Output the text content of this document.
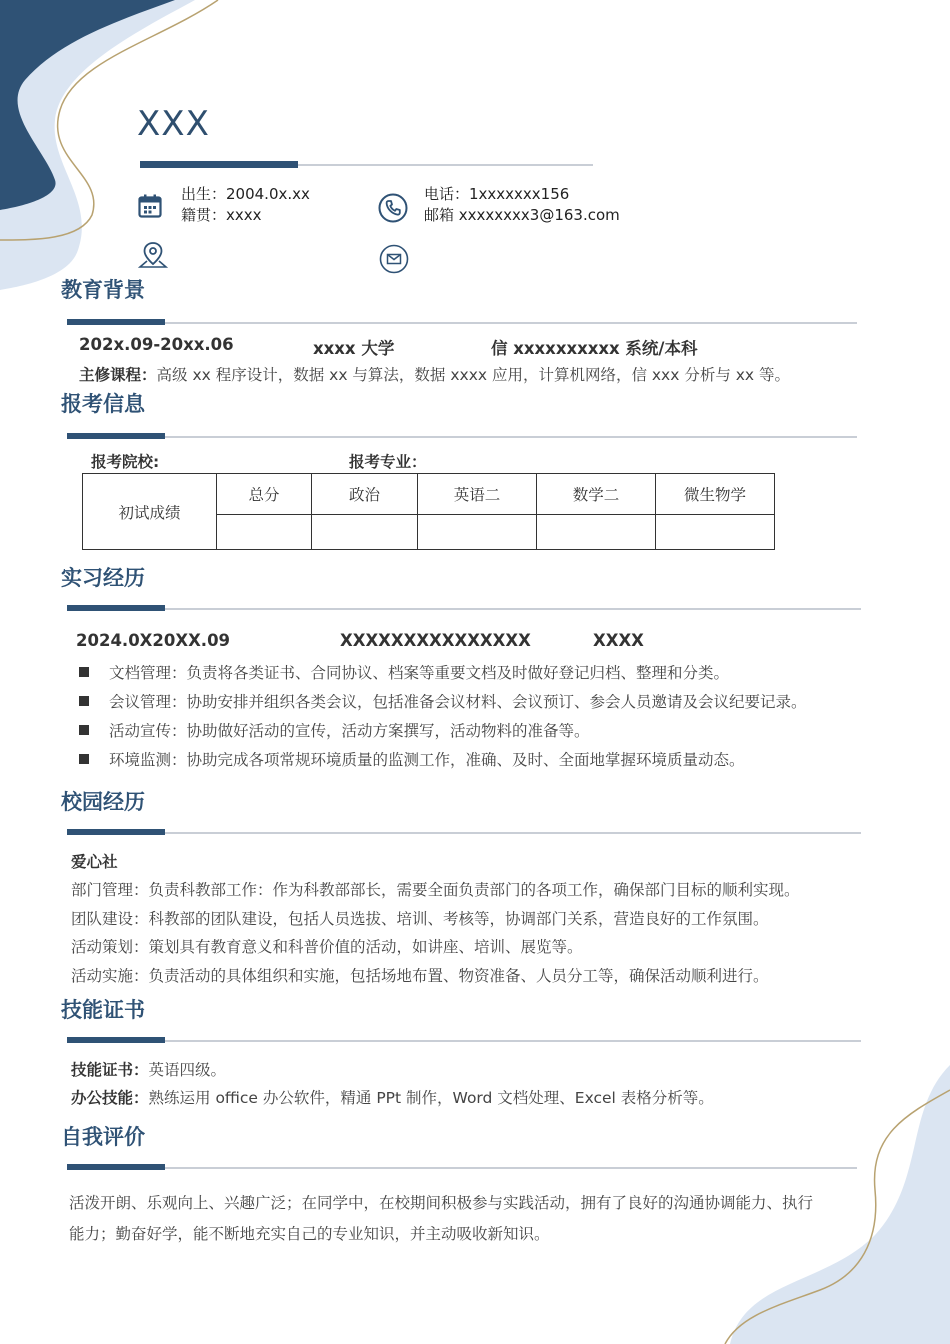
XXX
出生：2004.0x.xx
籍贯：xxxx
电话：1xxxxxxx156
邮箱 xxxxxxxx3@163.com
教育背景
202x.09-20xx.06	xxxx 大学	信 xxxxxxxxxx 系统/本科
主修课程：高级 xx 程序设计，数据 xx 与算法，数据 xxxx 应用，计算机网络，信 xxx 分析与 xx 等。
报考信息
报考院校:	报考专业：
初试成绩	总分	政治	英语二	数学二	微生物学

实习经历
2024.0X20XX.09	XXXXXXXXXXXXXXX	XXXX
文档管理：负责将各类证书、合同协议、档案等重要文档及时做好登记归档、整理和分类。
会议管理：协助安排并组织各类会议，包括准备会议材料、会议预订、参会人员邀请及会议纪要记录。
活动宣传：协助做好活动的宣传，活动方案撰写，活动物料的准备等。
环境监测：协助完成各项常规环境质量的监测工作，准确、及时、全面地掌握环境质量动态。
校园经历
爱心社
部门管理：负责科教部工作：作为科教部部长，需要全面负责部门的各项工作，确保部门目标的顺利实现。
团队建设：科教部的团队建设，包括人员选拔、培训、考核等，协调部门关系，营造良好的工作氛围。
活动策划：策划具有教育意义和科普价值的活动，如讲座、培训、展览等。
活动实施：负责活动的具体组织和实施，包括场地布置、物资准备、人员分工等，确保活动顺利进行。
技能证书
技能证书：英语四级。
办公技能：熟练运用 office 办公软件，精通 PPt 制作，Word 文档处理、Excel 表格分析等。
自我评价
活泼开朗、乐观向上、兴趣广泛；在同学中，在校期间积极参与实践活动，拥有了良好的沟通协调能力、执行
能力；勤奋好学，能不断地充实自己的专业知识，并主动吸收新知识。
